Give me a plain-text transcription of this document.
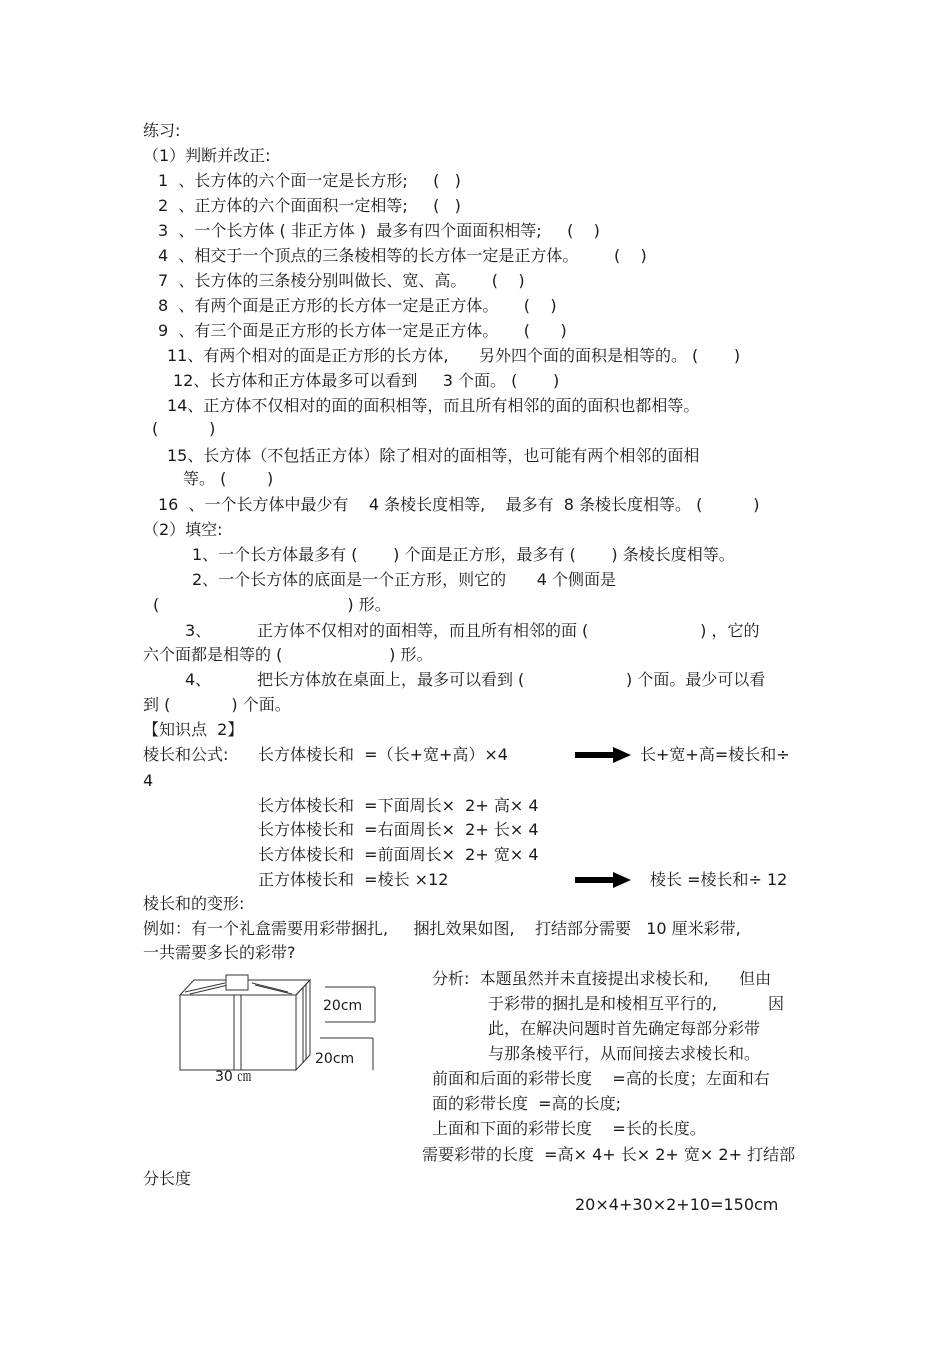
练习:
（1）判断并改正:
1  、长方体的六个面一定是长方形;     (   )
2  、正方体的六个面面积一定相等;     (   )
3  、一个长方体 ( 非正方体 )  最多有四个面面积相等;     (    )
4  、相交于一个顶点的三条棱相等的长方体一定是正方体。       (    )
7  、长方体的三条棱分别叫做长、宽、高。     (    )
8  、有两个面是正方形的长方体一定是正方体。     (    )
9  、有三个面是正方形的长方体一定是正方体。     (      )
11、有两个相对的面是正方形的长方体,      另外四个面的面积是相等的。 (       )
12、长方体和正方体最多可以看到     3 个面。 (       )
14、正方体不仅相对的面的面积相等，而且所有相邻的面的面积也都相等。
(          )
15、长方体（不包括正方体）除了相对的面相等，也可能有两个相邻的面相
等。 (        )
16  、一个长方体中最少有    4 条棱长度相等,    最多有  8 条棱长度相等。 (          )
（2）填空:
1、一个长方体最多有 (       ) 个面是正方形，最多有 (       ) 条棱长度相等。
2、一个长方体的底面是一个正方形，则它的      4 个侧面是
(                                     ) 形。
3、         正方体不仅相对的面相等，而且所有相邻的面 (                      ) ，它的
六个面都是相等的 (                     ) 形。
4、         把长方体放在桌面上，最多可以看到 (                    ) 个面。最少可以看
到 (            ) 个面。
【知识点  2】
棱长和公式: 长方体棱长和  =（长+宽+高）×4	长+宽+高=棱长和÷
4
长方体棱长和  =下面周长×  2+ 高× 4
长方体棱长和  =右面周长×  2+ 长× 4
长方体棱长和  =前面周长×  2+ 宽× 4
正方体棱长和  =棱长 ×12	棱长 =棱长和÷ 12
棱长和的变形:
例如：有一个礼盒需要用彩带捆扎,     捆扎效果如图,    打结部分需要   10 厘米彩带,
一共需要多长的彩带?
20cm
20cm
30 ㎝
分析:  本题虽然并未直接提出求棱长和,      但由
于彩带的捆扎是和棱相互平行的,          因
此，在解决问题时首先确定每部分彩带
与那条棱平行，从而间接去求棱长和。
前面和后面的彩带长度    =高的长度；左面和右
面的彩带长度  =高的长度;
上面和下面的彩带长度    =长的长度。
需要彩带的长度  =高× 4+ 长× 2+ 宽× 2+ 打结部
分长度
20×4+30×2+10=150cm
